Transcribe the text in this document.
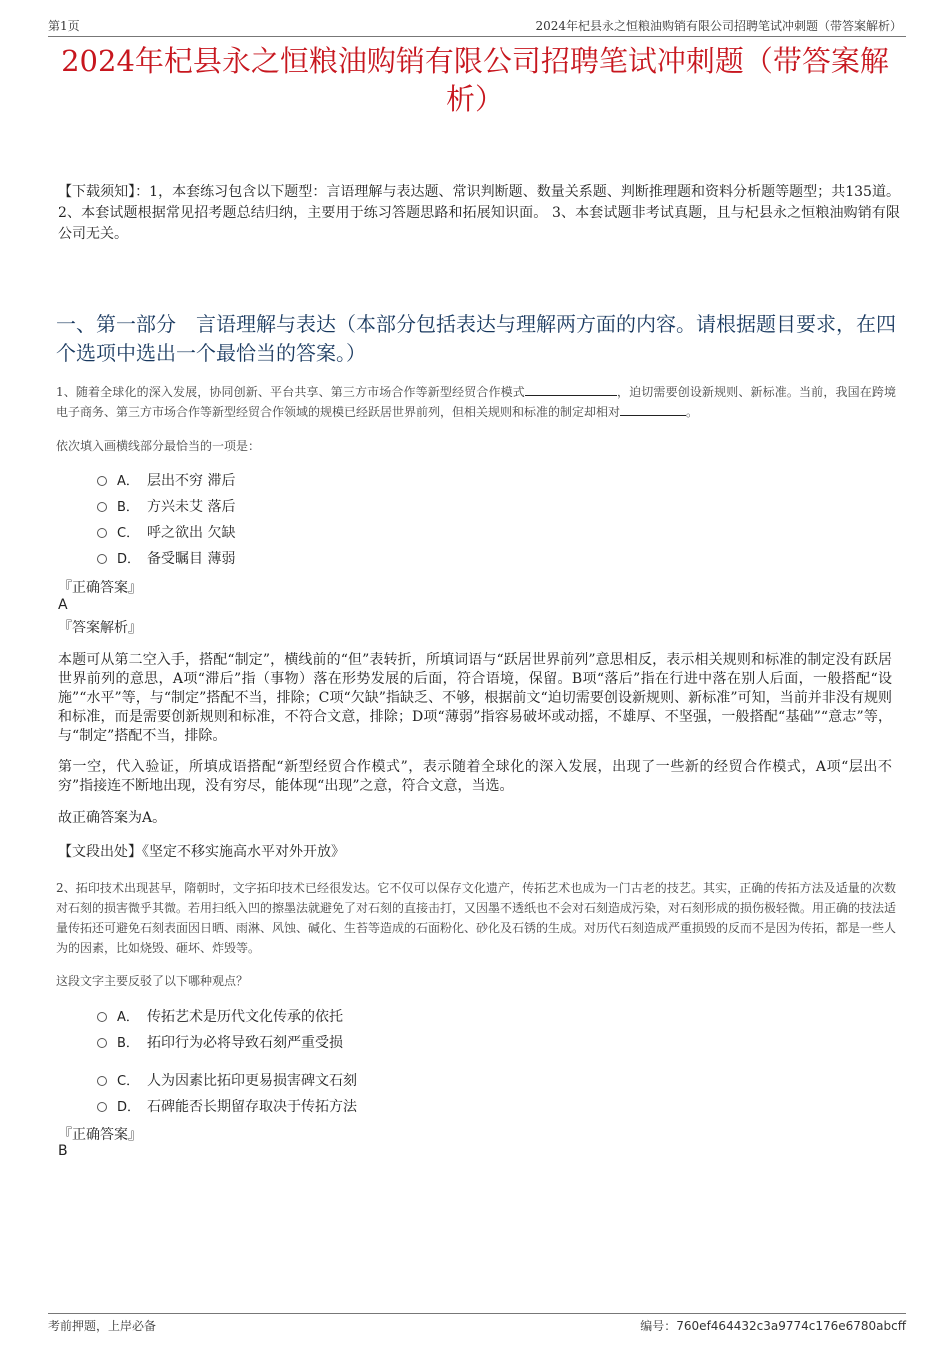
第1页	2024年杞县永之恒粮油购销有限公司招聘笔试冲刺题（带答案解析）
2024年杞县永之恒粮油购销有限公司招聘笔试冲刺题（带答案解析）
【下载须知】：1，本套练习包含以下题型：言语理解与表达题、常识判断题、数量关系题、判断推理题和资料分析题等题型；共135道。 2、本套试题根据常见招考题总结归纳，主要用于练习答题思路和拓展知识面。 3、本套试题非考试真题，且与杞县永之恒粮油购销有限公司无关。
一、第一部分　言语理解与表达（本部分包括表达与理解两方面的内容。请根据题目要求，在四个选项中选出一个最恰当的答案。）
1、随着全球化的深入发展，协同创新、平台共享、第三方市场合作等新型经贸合作模式	，迫切需要创设新规则、新标准。当前，我国在跨境电子商务、第三方市场合作等新型经贸合作领域的规模已经跃居世界前列，但相关规则和标准的制定却相对	。
依次填入画横线部分最恰当的一项是：
A． 层出不穷 滞后
B． 方兴未艾 落后
C． 呼之欲出 欠缺
D． 备受瞩目 薄弱
『正确答案』
A
『答案解析』
本题可从第二空入手，搭配“制定”，横线前的“但”表转折，所填词语与“跃居世界前列”意思相反，表示相关规则和标准的制定没有跃居世界前列的意思，A项“滞后”指（事物）落在形势发展的后面，符合语境，保留。B项“落后”指在行进中落在别人后面，一般搭配“设施”“水平”等，与“制定”搭配不当，排除；C项“欠缺”指缺乏、不够，根据前文“迫切需要创设新规则、新标准”可知，当前并非没有规则和标准，而是需要创新规则和标准，不符合文意，排除；D项“薄弱”指容易破坏或动摇，不雄厚、不坚强，一般搭配“基础”“意志”等，与“制定”搭配不当，排除。
第一空，代入验证，所填成语搭配“新型经贸合作模式”，表示随着全球化的深入发展，出现了一些新的经贸合作模式，A项“层出不穷”指接连不断地出现，没有穷尽，能体现“出现”之意，符合文意，当选。
故正确答案为A。
【文段出处】《坚定不移实施高水平对外开放》
2、拓印技术出现甚早，隋朝时，文字拓印技术已经很发达。它不仅可以保存文化遗产，传拓艺术也成为一门古老的技艺。其实，正确的传拓方法及适量的次数对石刻的损害微乎其微。若用扫纸入凹的擦墨法就避免了对石刻的直接击打，又因墨不透纸也不会对石刻造成污染，对石刻形成的损伤极轻微。用正确的技法适量传拓还可避免石刻表面因日晒、雨淋、风蚀、碱化、生苔等造成的石面粉化、砂化及石锈的生成。对历代石刻造成严重损毁的反而不是因为传拓，都是一些人为的因素，比如烧毁、砸坏、炸毁等。
这段文字主要反驳了以下哪种观点？
A． 传拓艺术是历代文化传承的依托
B． 拓印行为必将导致石刻严重受损
C． 人为因素比拓印更易损害碑文石刻
D． 石碑能否长期留存取决于传拓方法
『正确答案』
B
考前押题，上岸必备	编号：760ef464432c3a9774c176e6780abcff
